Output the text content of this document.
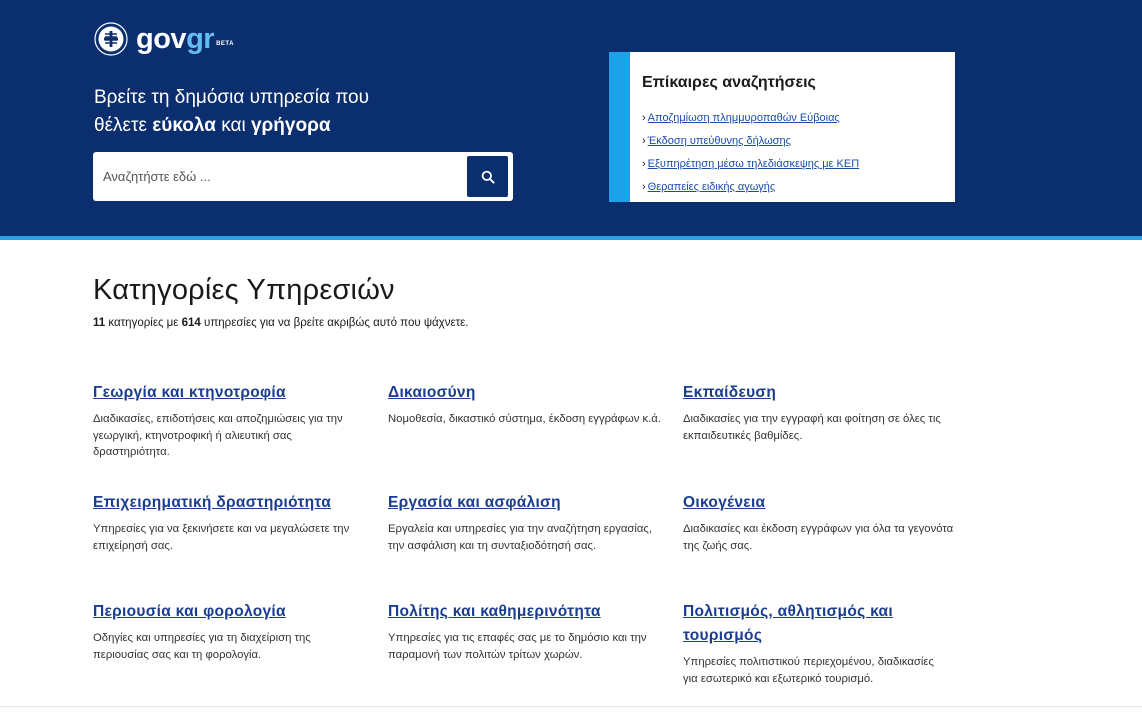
govgr BETA
Βρείτε τη δημόσια υπηρεσία που
θέλετε εύκολα και γρήγορα
Αναζητήστε εδώ ...
Επίκαιρες αναζητήσεις
› Αποζημίωση πλημμυροπαθών Εύβοιας
› Έκδοση υπεύθυνης δήλωσης
› Εξυπηρέτηση μέσω τηλεδιάσκεψης με ΚΕΠ
› Θεραπείες ειδικής αγωγής
Κατηγορίες Υπηρεσιών

11 κατηγορίες με 614 υπηρεσίες για να βρείτε ακριβώς αυτό που ψάχνετε.

Γεωργία και κτηνοτροφία

Διαδικασίες, επιδοτήσεις και αποζημιώσεις για την γεωργική, κτηνοτροφική ή αλιευτική σας δραστηριότητα.

Δικαιοσύνη

Νομοθεσία, δικαστικό σύστημα, έκδοση εγγράφων κ.ά.

Εκπαίδευση

Διαδικασίες για την εγγραφή και φοίτηση σε όλες τις εκπαιδευτικές βαθμίδες.

Επιχειρηματική δραστηριότητα

Υπηρεσίες για να ξεκινήσετε και να μεγαλώσετε την επιχείρησή σας.

Εργασία και ασφάλιση

Εργαλεία και υπηρεσίες για την αναζήτηση εργασίας, την ασφάλιση και τη συνταξιοδότησή σας.

Οικογένεια

Διαδικασίες και έκδοση εγγράφων για όλα τα γεγονότα της ζωής σας.

Περιουσία και φορολογία

Οδηγίες και υπηρεσίες για τη διαχείριση της περιουσίας σας και τη φορολογία.

Πολίτης και καθημερινότητα

Υπηρεσίες για τις επαφές σας με το δημόσιο και την παραμονή των πολιτών τρίτων χωρών.

Πολιτισμός, αθλητισμός και τουρισμός

Υπηρεσίες πολιτιστικού περιεχομένου, διαδικασίες για εσωτερικό και εξωτερικό τουρισμό.
